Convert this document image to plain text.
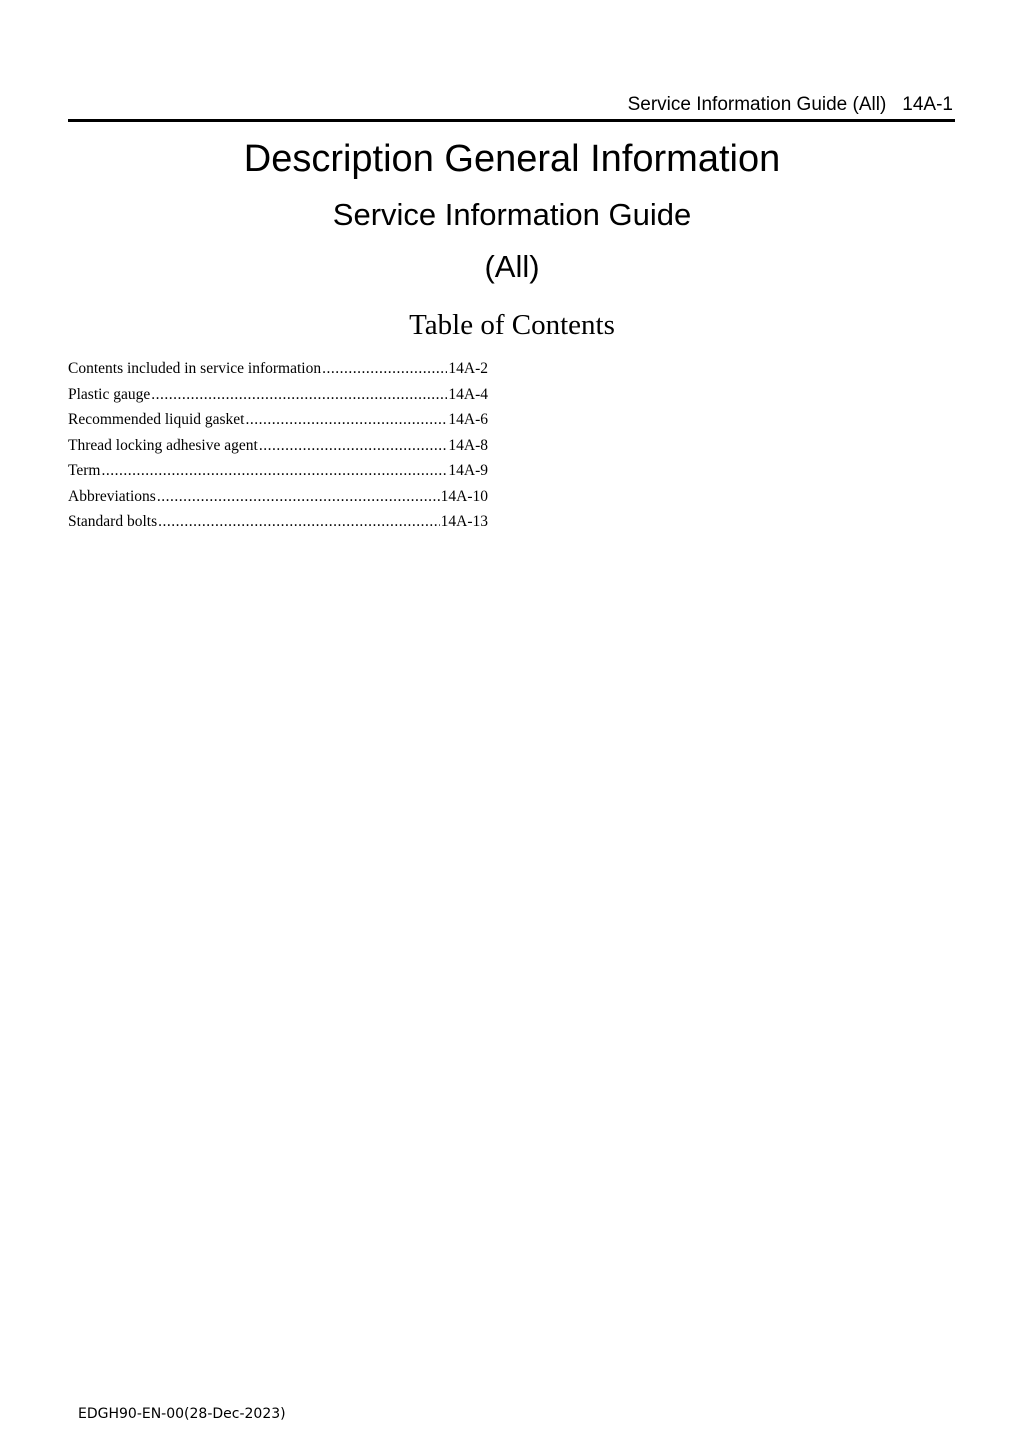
Service Information Guide (All) 14A-1
Description General Information
Service Information Guide
(All)
Table of Contents
Contents included in service information .....	14A-2
Plastic gauge .....	14A-4
Recommended liquid gasket .....	14A-6
Thread locking adhesive agent .....	14A-8
Term .....	14A-9
Abbreviations .....	14A-10
Standard bolts .....	14A-13
EDGH90-EN-00(28-Dec-2023)
